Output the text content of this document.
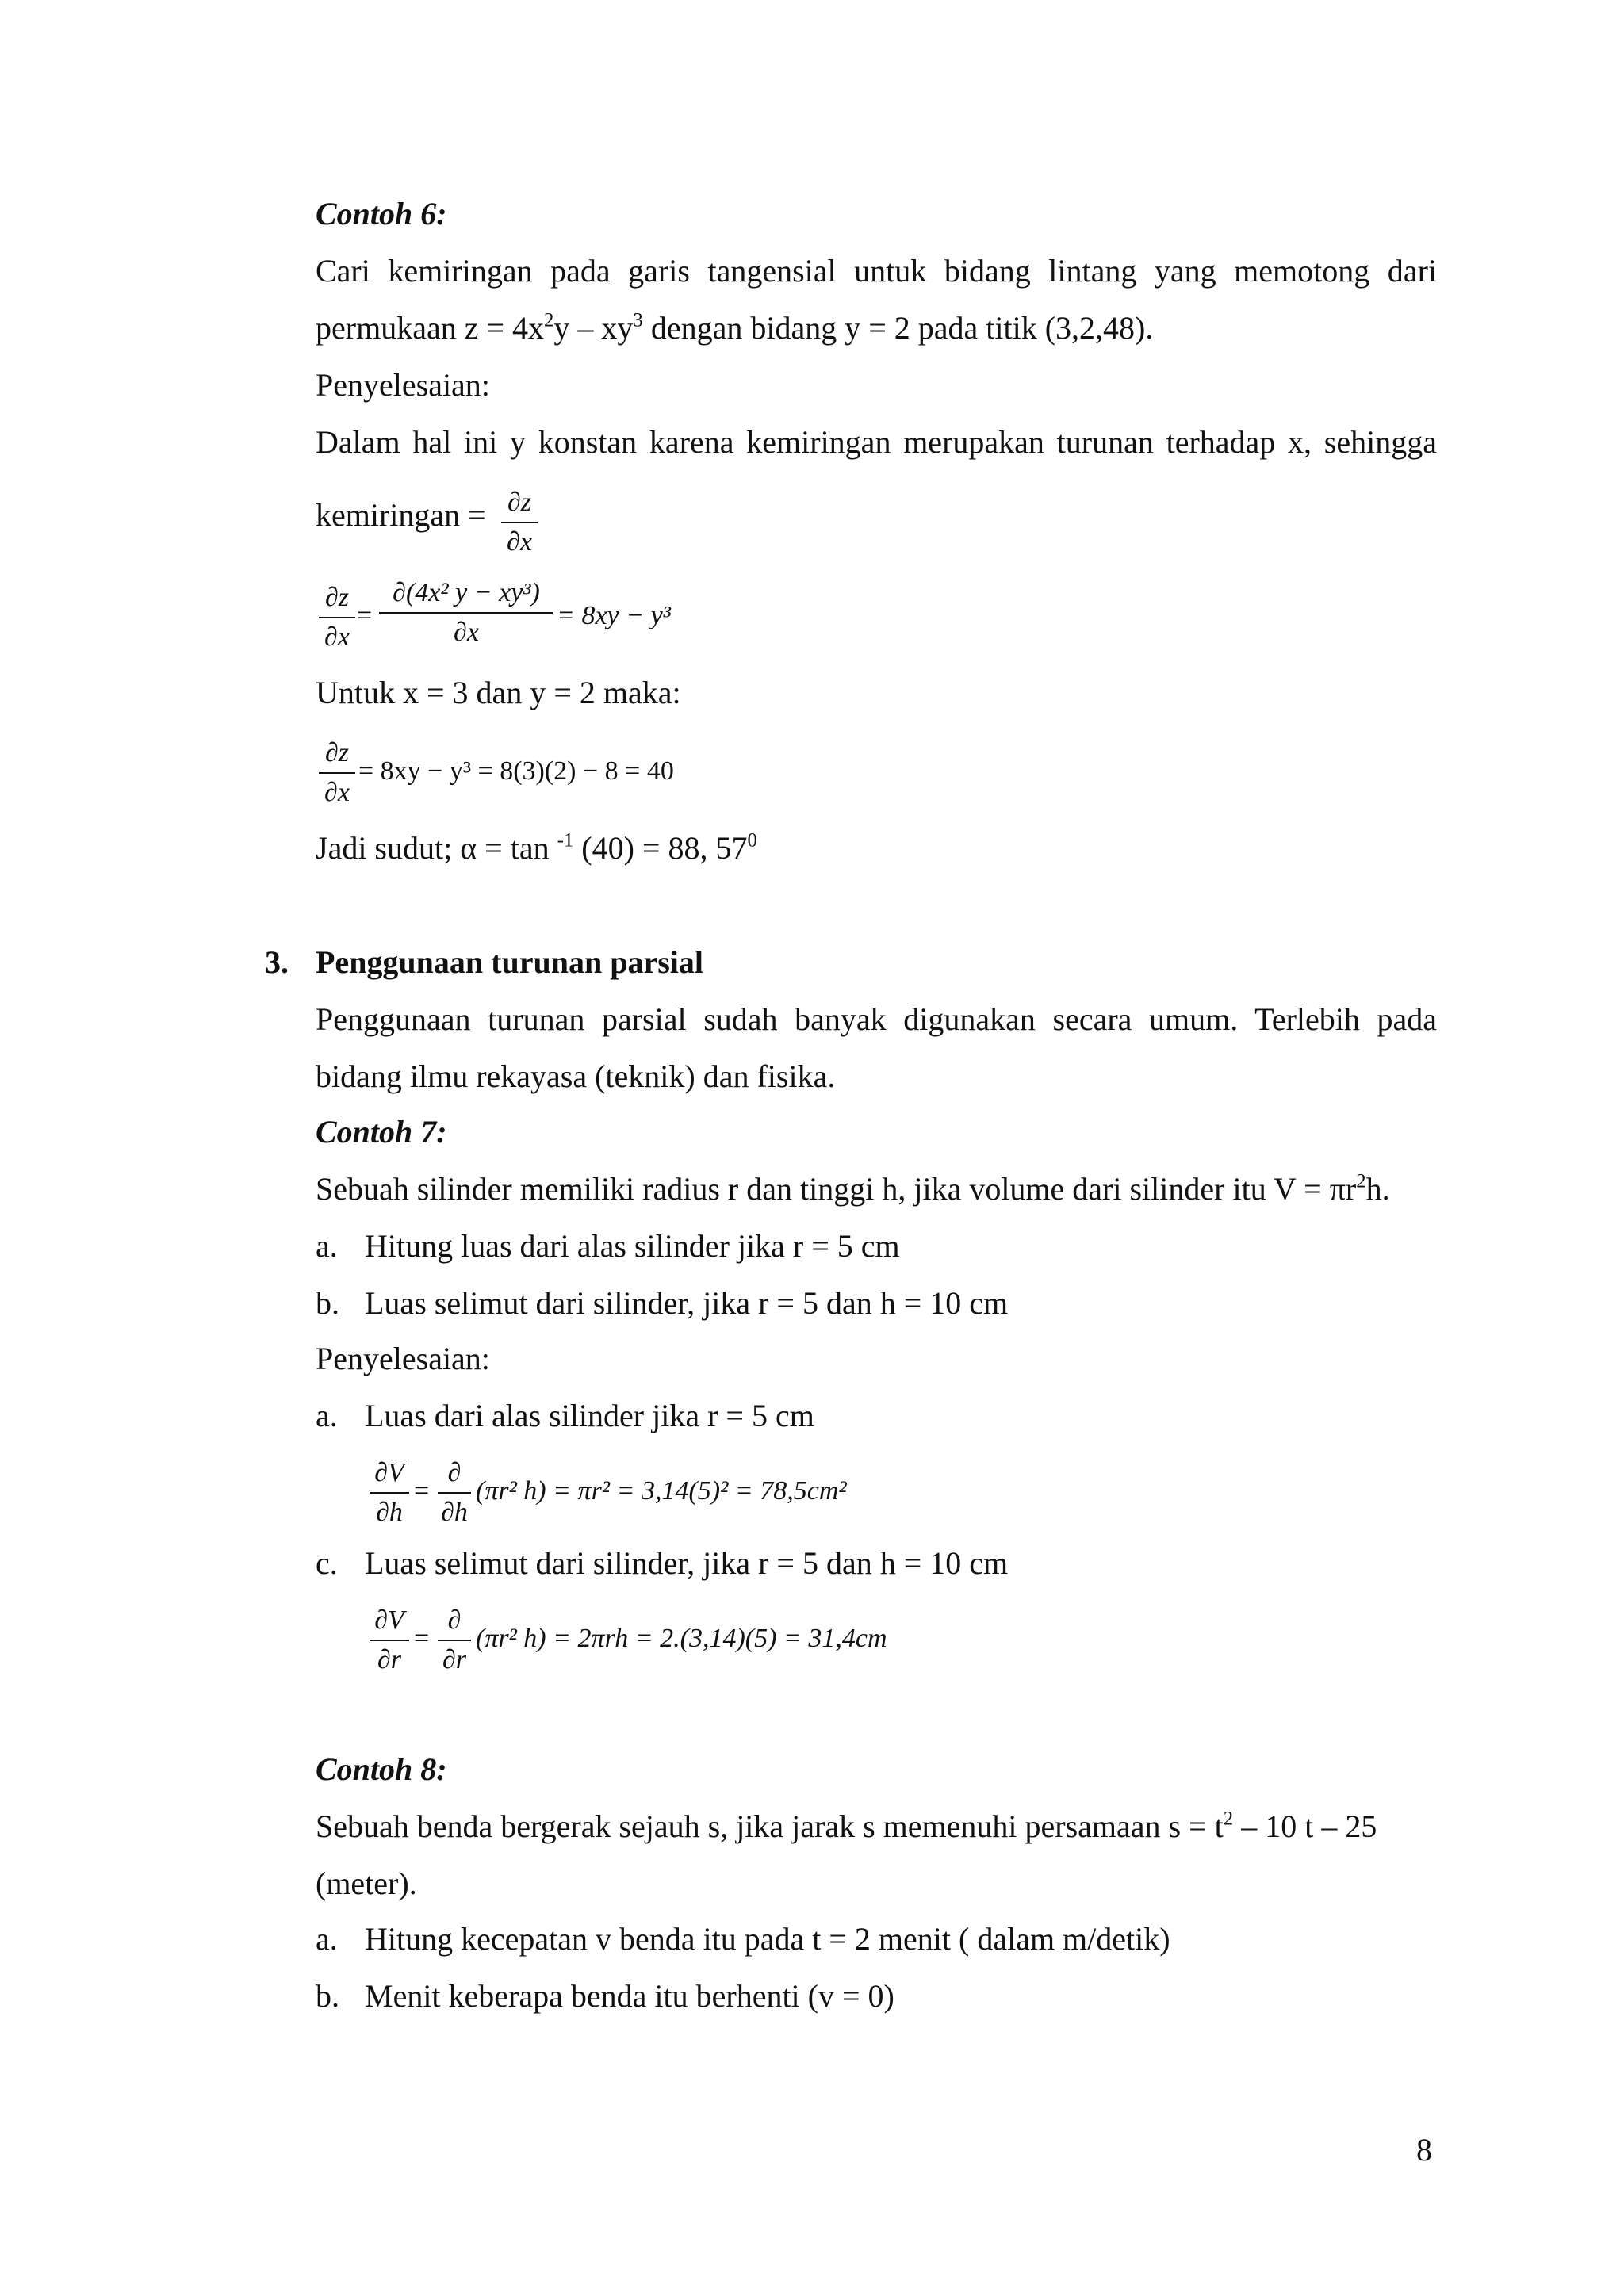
Contoh 6:
Cari kemiringan pada garis tangensial untuk bidang lintang yang memotong dari
permukaan $z = 4x^2y - xy^3$ dengan bidang y = 2 pada titik (3,2,48).
Penyelesaian:
Dalam hal ini y konstan karena kemiringan merupakan turunan terhadap x, sehingga
kemiringan = ∂z
∂x
∂z
∂x
=
∂(4x² y − xy³)
∂x
= 8xy − y³
Untuk x = 3 dan y = 2 maka:
∂z
∂x
= 8xy − y³ = 8(3)(2) − 8 = 40
Jadi sudut; α = tan $^{-1}$ (40) = 88, $57^0$
3. Penggunaan turunan parsial
Penggunaan turunan parsial sudah banyak digunakan secara umum. Terlebih pada
bidang ilmu rekayasa (teknik) dan fisika.
Contoh 7:
Sebuah silinder memiliki radius r dan tinggi h, jika volume dari silinder itu $V = \pi r^2h$.
a. Hitung luas dari alas silinder jika r = 5 cm
b. Luas selimut dari silinder, jika r = 5 dan h = 10 cm
Penyelesaian:
a. Luas dari alas silinder jika r = 5 cm
∂V
∂h
=
∂
∂h
(πr² h) = πr² = 3,14(5)² = 78,5cm²
c. Luas selimut dari silinder, jika r = 5 dan h = 10 cm
∂V
∂r
=
∂
∂r
(πr² h) = 2πrh = 2.(3,14)(5) = 31,4cm
Contoh 8:
Sebuah benda bergerak sejauh s, jika jarak s memenuhi persamaan $s = t^2 - 10$ t – 25
(meter).
a. Hitung kecepatan v benda itu pada t = 2 menit ( dalam m/detik)
b. Menit keberapa benda itu berhenti (v = 0)
8
